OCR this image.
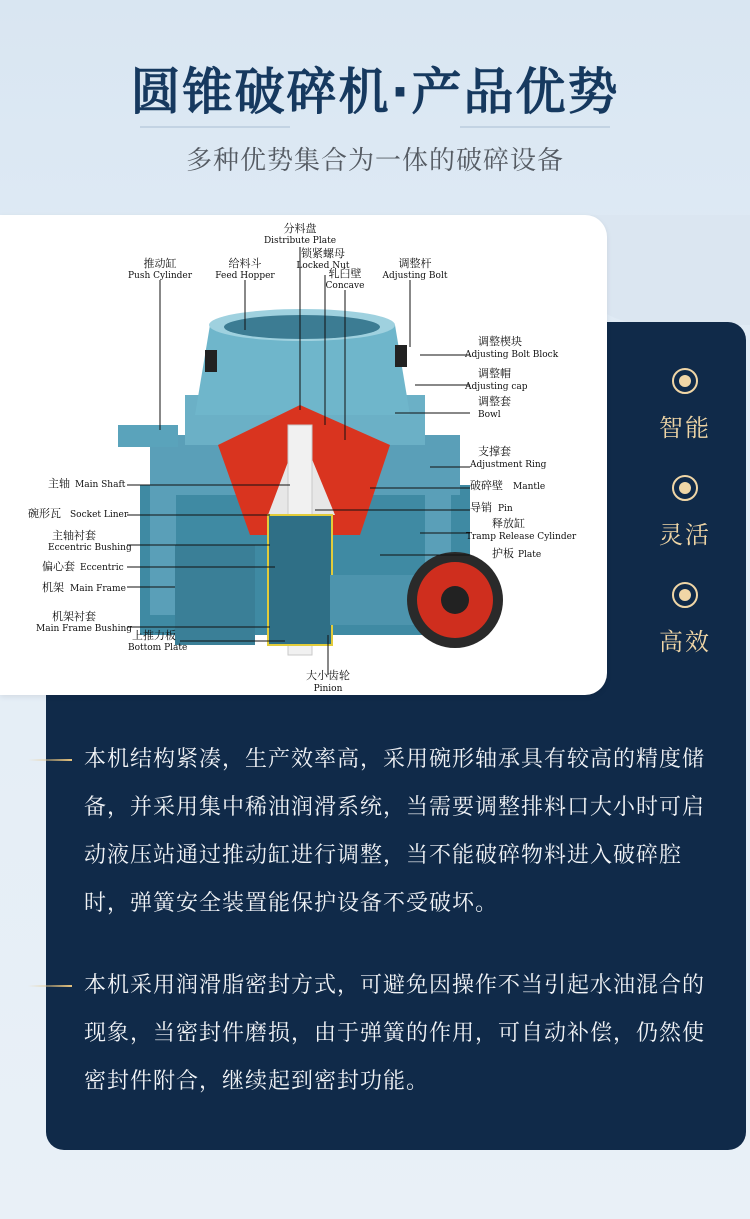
圆锥破碎机·产品优势
多种优势集合为一体的破碎设备
分料盘
Distribute Plate
推动缸
Push Cylinder
给料斗
Feed Hopper
锁紧螺母
Locked Nut
轧臼壁
Concave
调整杆
Adjusting Bolt
调整楔块
Adjusting Bolt Block
调整帽
Adjusting cap
调整套
Bowl
支撑套
Adjustment Ring
主轴 Main Shaft	破碎壁 Mantle
碗形瓦 Socket Liner
导销 Pin
释放缸
Tramp Release Cylinder
主轴衬套
Eccentric Bushing	护板 Plate
偏心套 Eccentric
机架 Main Frame
机架衬套
Main Frame Bushing 上推力板
Bottom Plate
大小齿轮
Pinion
智能
灵活
高效
本机结构紧凑，生产效率高，采用碗形轴承具有较高的精度储备，并采用集中稀油润滑系统，当需要调整排料口大小时可启动液压站通过推动缸进行调整，当不能破碎物料进入破碎腔时，弹簧安全装置能保护设备不受破坏。
本机采用润滑脂密封方式，可避免因操作不当引起水油混合的现象，当密封件磨损，由于弹簧的作用，可自动补偿，仍然使密封件附合，继续起到密封功能。
